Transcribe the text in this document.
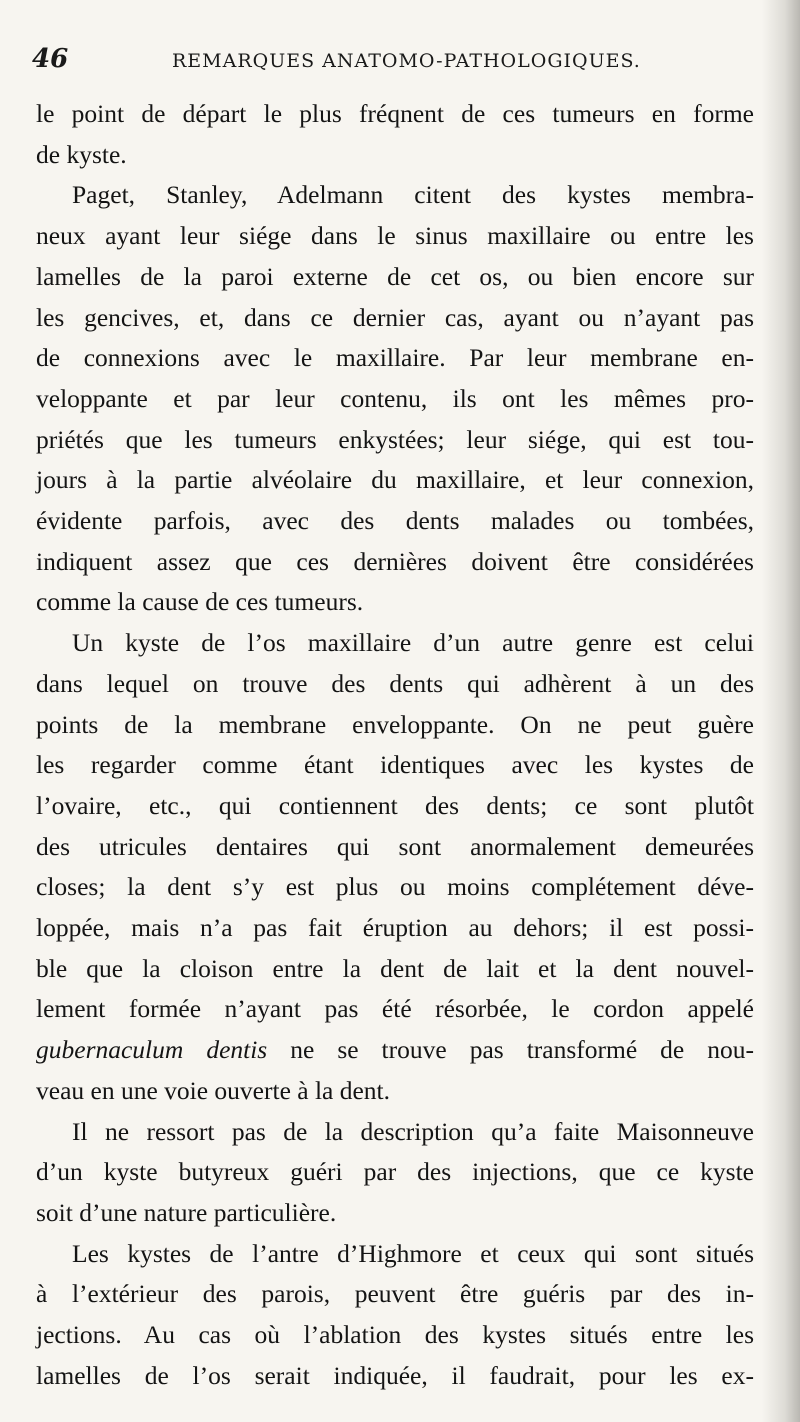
46	REMARQUES ANATOMO-PATHOLOGIQUES.
le point de départ le plus fréqnent de ces tumeurs en forme
de kyste.
Paget, Stanley, Adelmann citent des kystes membra-
neux ayant leur siége dans le sinus maxillaire ou entre les
lamelles de la paroi externe de cet os, ou bien encore sur
les gencives, et, dans ce dernier cas, ayant ou n’ayant pas
de connexions avec le maxillaire. Par leur membrane en-
veloppante et par leur contenu, ils ont les mêmes pro-
priétés que les tumeurs enkystées; leur siége, qui est tou-
jours à la partie alvéolaire du maxillaire, et leur connexion,
évidente parfois, avec des dents malades ou tombées,
indiquent assez que ces dernières doivent être considérées
comme la cause de ces tumeurs.
Un kyste de l’os maxillaire d’un autre genre est celui
dans lequel on trouve des dents qui adhèrent à un des
points de la membrane enveloppante. On ne peut guère
les regarder comme étant identiques avec les kystes de
l’ovaire, etc., qui contiennent des dents; ce sont plutôt
des utricules dentaires qui sont anormalement demeurées
closes; la dent s’y est plus ou moins complétement déve-
loppée, mais n’a pas fait éruption au dehors; il est possi-
ble que la cloison entre la dent de lait et la dent nouvel-
lement formée n’ayant pas été résorbée, le cordon appelé
gubernaculum dentis ne se trouve pas transformé de nou-
veau en une voie ouverte à la dent.
Il ne ressort pas de la description qu’a faite Maisonneuve
d’un kyste butyreux guéri par des injections, que ce kyste
soit d’une nature particulière.
Les kystes de l’antre d’Highmore et ceux qui sont situés
à l’extérieur des parois, peuvent être guéris par des in-
jections. Au cas où l’ablation des kystes situés entre les
lamelles de l’os serait indiquée, il faudrait, pour les ex-
